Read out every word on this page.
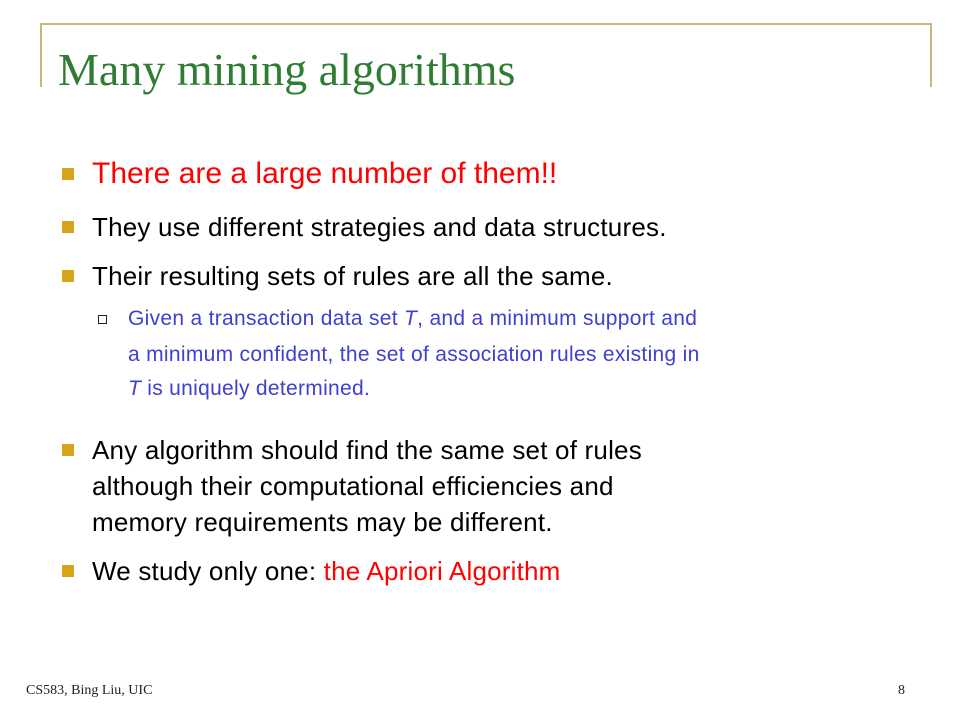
Many mining algorithms
There are a large number of them!!
They use different strategies and data structures.
Their resulting sets of rules are all the same.
Given a transaction data set T, and a minimum support and
a minimum confident, the set of association rules existing in
T is uniquely determined.
Any algorithm should find the same set of rules
although their computational efficiencies and
memory requirements may be different.
We study only one: the Apriori Algorithm
CS583, Bing Liu, UIC	8
